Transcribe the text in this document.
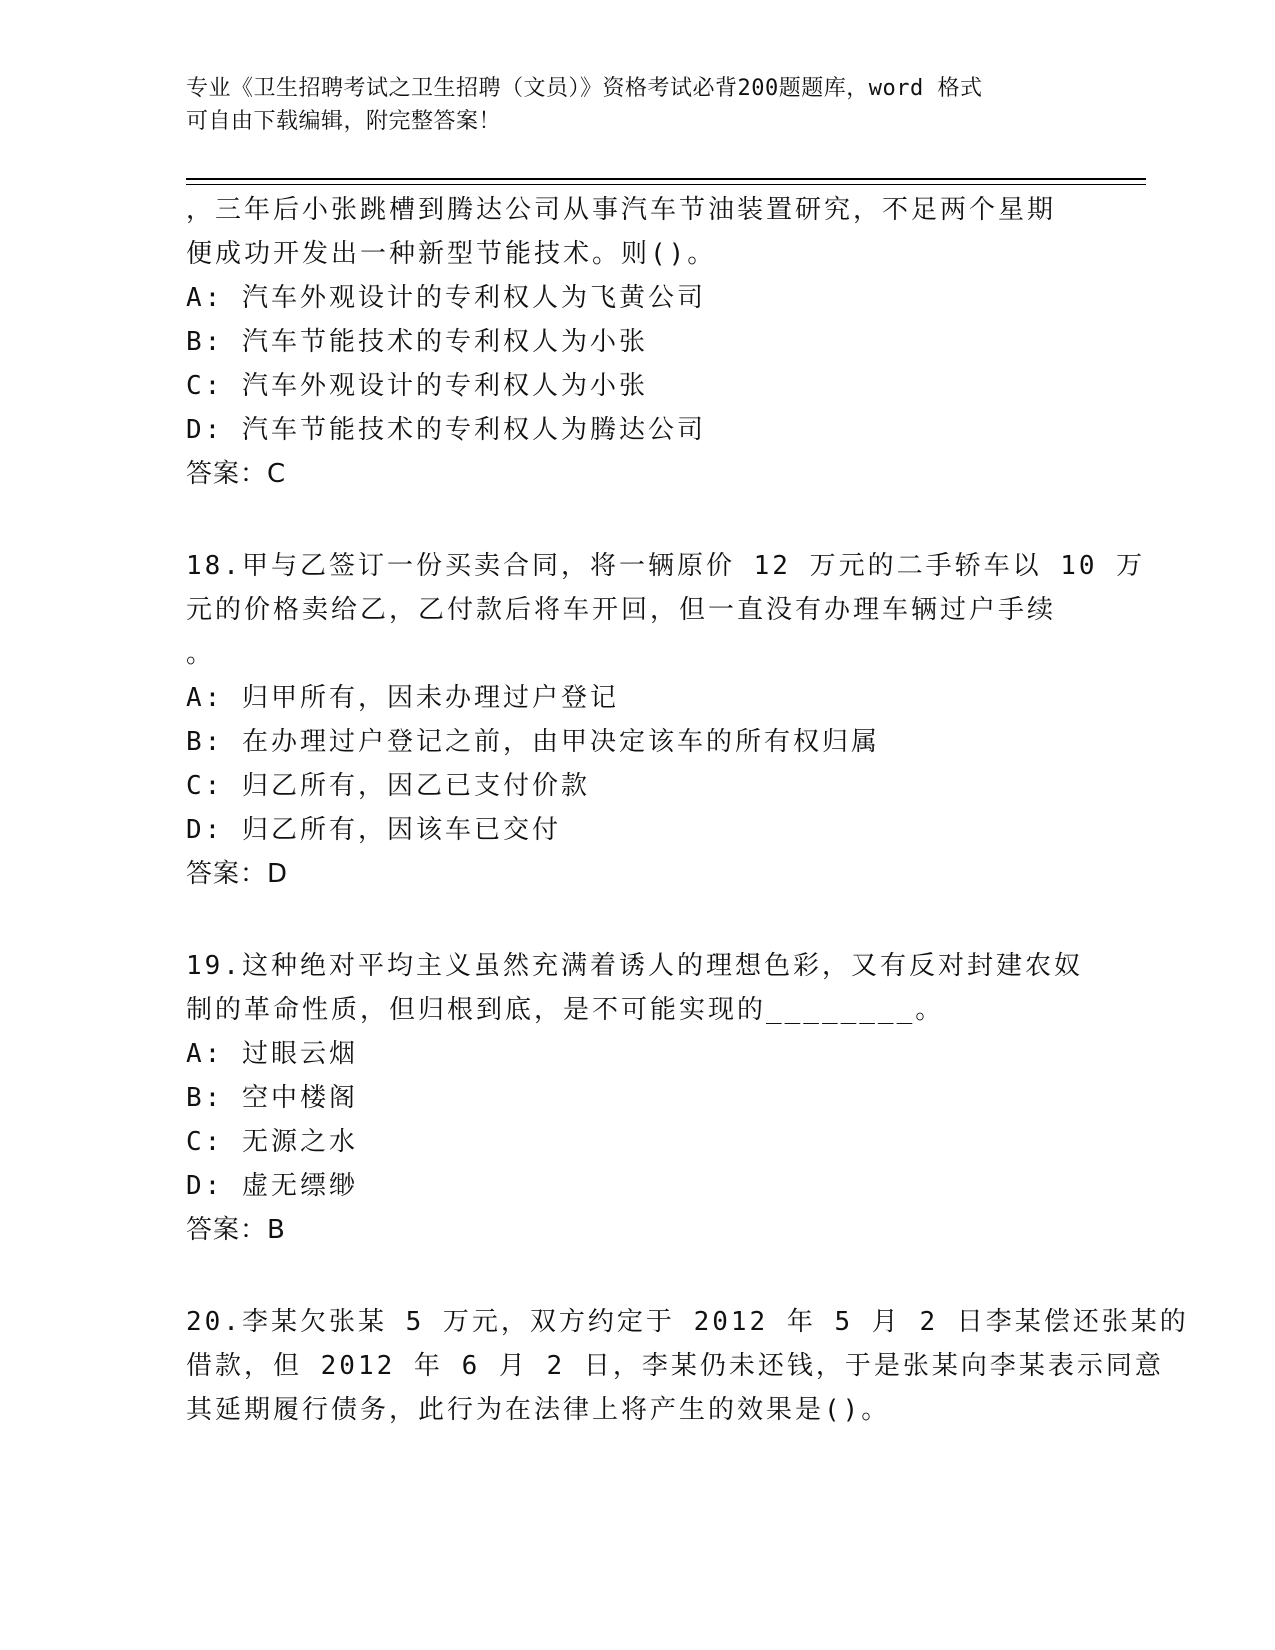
专业《卫生招聘考试之卫生招聘（文员）》资格考试必背200题题库，word 格式
可自由下载编辑，附完整答案！
，三年后小张跳槽到腾达公司从事汽车节油装置研究，不足两个星期
便成功开发出一种新型节能技术。则()。
A: 汽车外观设计的专利权人为飞黄公司
B: 汽车节能技术的专利权人为小张
C: 汽车外观设计的专利权人为小张
D: 汽车节能技术的专利权人为腾达公司
答案：C
18.甲与乙签订一份买卖合同，将一辆原价 12 万元的二手轿车以 10 万
元的价格卖给乙，乙付款后将车开回，但一直没有办理车辆过户手续
。
A: 归甲所有，因未办理过户登记
B: 在办理过户登记之前，由甲决定该车的所有权归属
C: 归乙所有，因乙已支付价款
D: 归乙所有，因该车已交付
答案：D
19.这种绝对平均主义虽然充满着诱人的理想色彩，又有反对封建农奴
制的革命性质，但归根到底，是不可能实现的________。
A: 过眼云烟
B: 空中楼阁
C: 无源之水
D: 虚无缥缈
答案：B
20.李某欠张某 5 万元，双方约定于 2012 年 5 月 2 日李某偿还张某的
借款，但 2012 年 6 月 2 日，李某仍未还钱，于是张某向李某表示同意
其延期履行债务，此行为在法律上将产生的效果是()。
